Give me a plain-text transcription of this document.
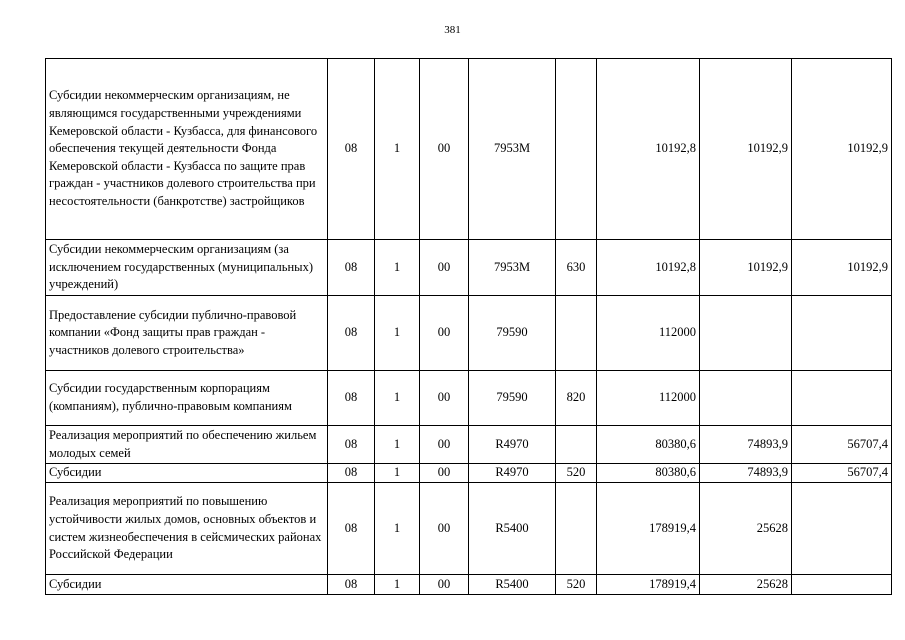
381
Субсидии некоммерческим организациям, не являющимся государственными учреждениями Кемеровской области - Кузбасса, для финансового обеспечения текущей деятельности Фонда Кемеровской области - Кузбасса по защите прав граждан - участников долевого строительства при несостоятельности (банкротстве) застройщиков	08	1	00	7953M		10192,8	10192,9	10192,9
Субсидии некоммерческим организациям (за исключением государственных (муниципальных) учреждений)	08	1	00	7953M	630	10192,8	10192,9	10192,9
Предоставление субсидии публично-правовой компании «Фонд защиты прав граждан - участников долевого строительства»	08	1	00	79590		112000		
Субсидии государственным корпорациям (компаниям), публично-правовым компаниям	08	1	00	79590	820	112000		
Реализация мероприятий по обеспечению жильем молодых семей	08	1	00	R4970		80380,6	74893,9	56707,4
Субсидии	08	1	00	R4970	520	80380,6	74893,9	56707,4
Реализация мероприятий по повышению устойчивости жилых домов, основных объектов и систем жизнеобеспечения в сейсмических районах Российской Федерации	08	1	00	R5400		178919,4	25628	
Субсидии	08	1	00	R5400	520	178919,4	25628	
